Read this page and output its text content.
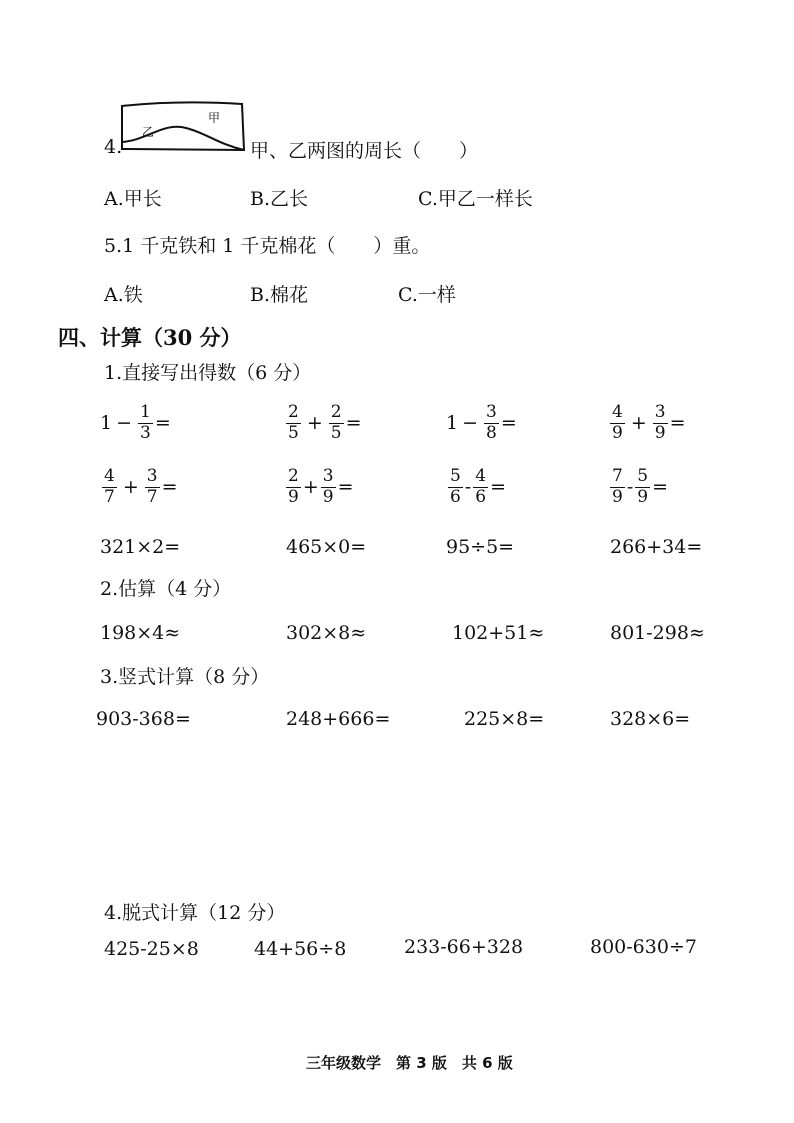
甲
乙
4.	甲、乙两图的周长（　　）
A.甲长	B.乙长	C.甲乙一样长
5.1 千克铁和 1 千克棉花（　　）重。
A.铁	B.棉花	C.一样
四、计算（30 分）
1.直接写出得数（6 分）
$1 - \frac{1}{3}$ =	$\frac{2}{5} + \frac{2}{5}$ =	$1 - \frac{3}{8}$ =	$\frac{4}{9} + \frac{3}{9}$ =
$\frac{4}{7} + \frac{3}{7}$ =	$\frac{2}{9} + \frac{3}{9}$ =	$\frac{5}{6} - \frac{4}{6}$ =	$\frac{7}{9} - \frac{5}{9}$ =
321×2=	465×0=	95÷5=	266+34=
2.估算（4 分）
198×4≈	302×8≈	102+51≈	801-298≈
3.竖式计算（8 分）
903-368=	248+666=	225×8=	328×6=
4.脱式计算（12 分）
425-25×8	44+56÷8	233-66+328	800-630÷7
三年级数学　第 3 版　共 6 版
